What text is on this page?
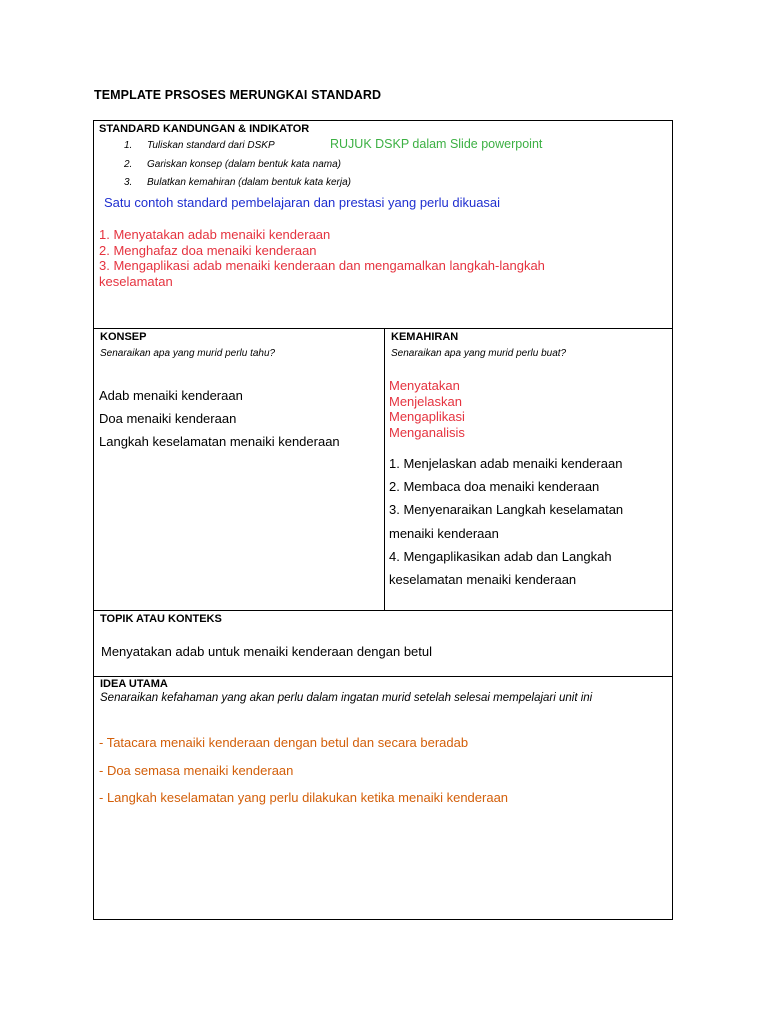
TEMPLATE PRSOSES MERUNGKAI STANDARD
STANDARD KANDUNGAN & INDIKATOR
1. Tuliskan standard dari DSKP
2. Gariskan konsep (dalam bentuk kata nama)
3. Bulatkan kemahiran (dalam bentuk kata kerja)
RUJUK DSKP dalam Slide powerpoint
Satu contoh standard pembelajaran dan prestasi yang perlu dikuasai
1. Menyatakan adab menaiki kenderaan
2. Menghafaz doa menaiki kenderaan
3. Mengaplikasi adab menaiki kenderaan dan mengamalkan langkah-langkah
keselamatan
KONSEP
Senaraikan apa yang murid perlu tahu?
Adab menaiki kenderaan
Doa menaiki kenderaan
Langkah keselamatan menaiki kenderaan
KEMAHIRAN
Senaraikan apa yang murid perlu buat?
Menyatakan
Menjelaskan
Mengaplikasi
Menganalisis
1. Menjelaskan adab menaiki kenderaan
2. Membaca doa menaiki kenderaan
3. Menyenaraikan Langkah keselamatan
menaiki kenderaan
4. Mengaplikasikan adab dan Langkah
keselamatan menaiki kenderaan
TOPIK ATAU KONTEKS
Menyatakan adab untuk menaiki kenderaan dengan betul
IDEA UTAMA
Senaraikan kefahaman yang akan perlu dalam ingatan murid setelah selesai mempelajari unit ini
- Tatacara menaiki kenderaan dengan betul dan secara beradab
- Doa semasa menaiki kenderaan
- Langkah keselamatan yang perlu dilakukan ketika menaiki kenderaan
